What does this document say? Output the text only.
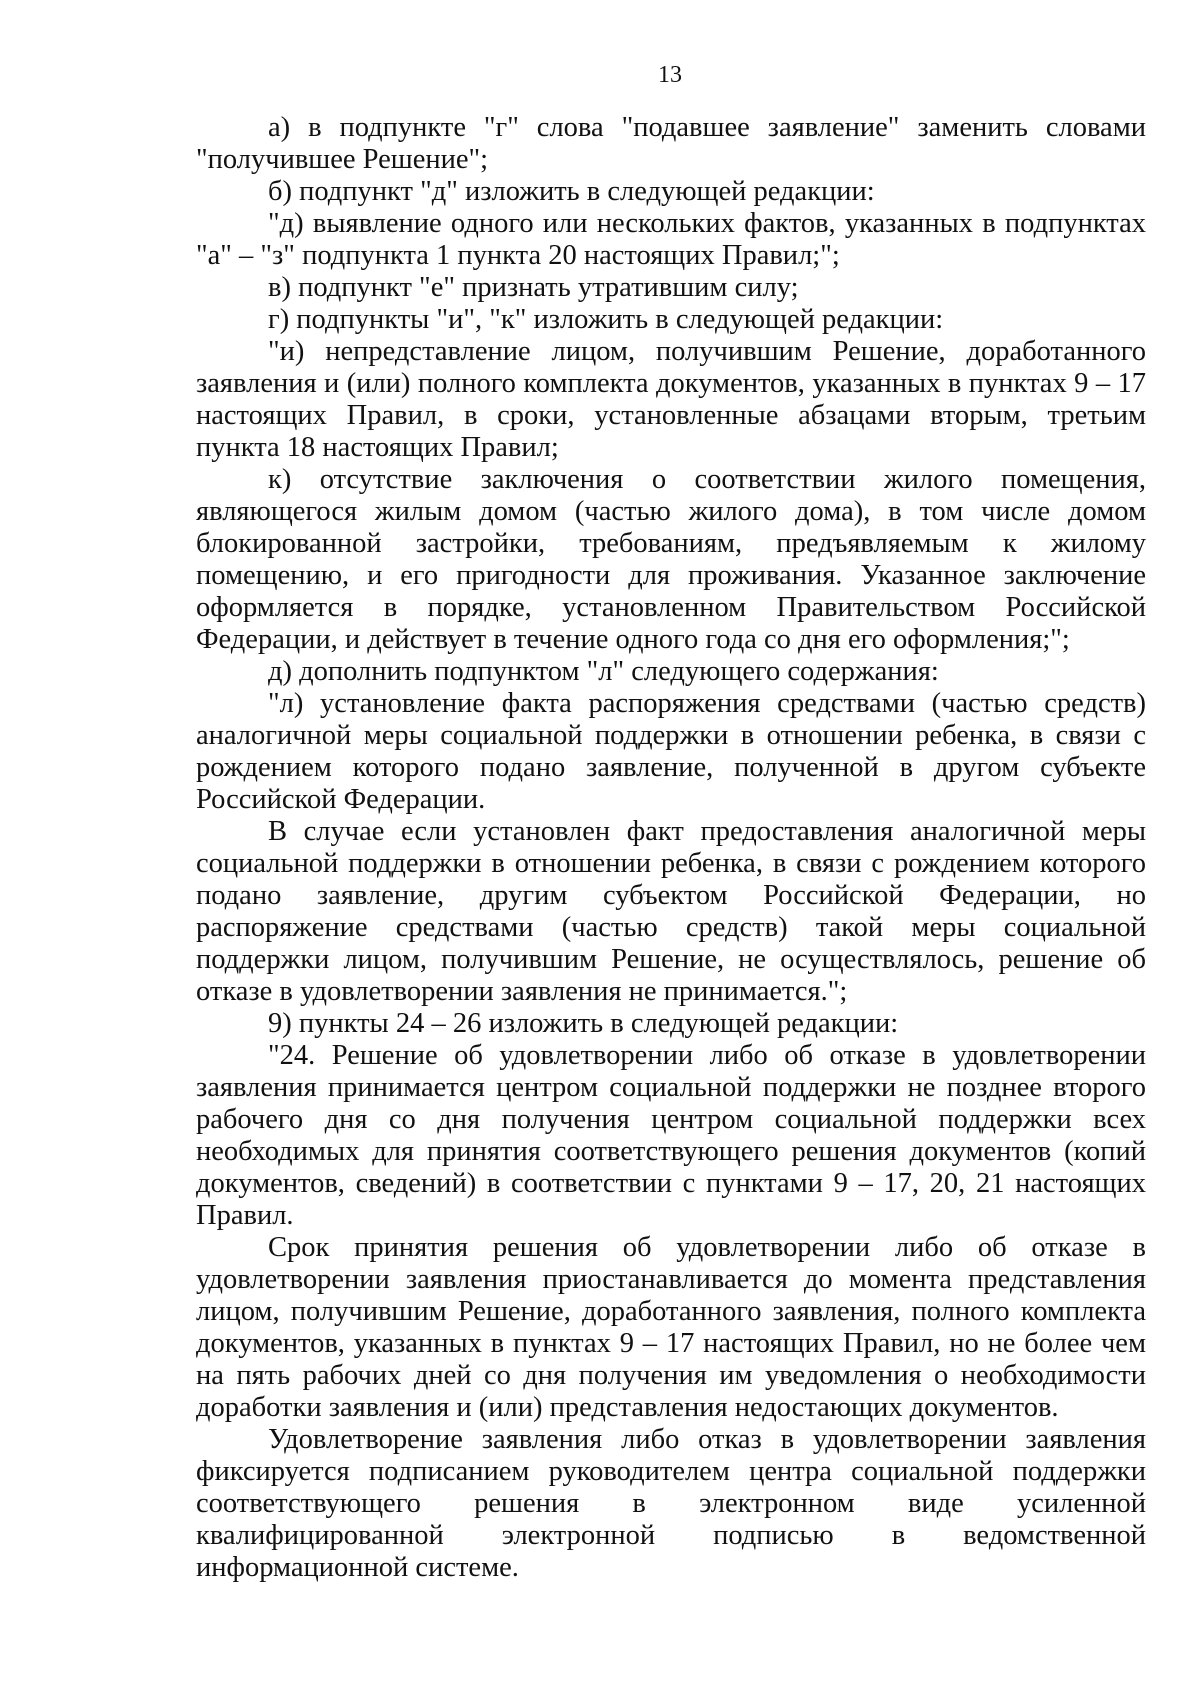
13

а) в подпункте "г" слова "подавшее заявление" заменить словами "получившее Решение";

б) подпункт "д" изложить в следующей редакции:

"д) выявление одного или нескольких фактов, указанных в подпунктах "а" – "з" подпункта 1 пункта 20 настоящих Правил;";

в) подпункт "е" признать утратившим силу;

г) подпункты "и", "к" изложить в следующей редакции:

"и) непредставление лицом, получившим Решение, доработанного заявления и (или) полного комплекта документов, указанных в пунктах 9 – 17 настоящих Правил, в сроки, установленные абзацами вторым, третьим пункта 18 настоящих Правил;

к) отсутствие заключения о соответствии жилого помещения, являющегося жилым домом (частью жилого дома), в том числе домом блокированной застройки, требованиям, предъявляемым к жилому помещению, и его пригодности для проживания. Указанное заключение оформляется в порядке, установленном Правительством Российской Федерации, и действует в течение одного года со дня его оформления;";

д) дополнить подпунктом "л" следующего содержания:

"л) установление факта распоряжения средствами (частью средств) аналогичной меры социальной поддержки в отношении ребенка, в связи с рождением которого подано заявление, полученной в другом субъекте Российской Федерации.

В случае если установлен факт предоставления аналогичной меры социальной поддержки в отношении ребенка, в связи с рождением которого подано заявление, другим субъектом Российской Федерации, но распоряжение средствами (частью средств) такой меры социальной поддержки лицом, получившим Решение, не осуществлялось, решение об отказе в удовлетворении заявления не принимается.";

9) пункты 24 – 26 изложить в следующей редакции:

"24. Решение об удовлетворении либо об отказе в удовлетворении заявления принимается центром социальной поддержки не позднее второго рабочего дня со дня получения центром социальной поддержки всех необходимых для принятия соответствующего решения документов (копий документов, сведений) в соответствии с пунктами 9 – 17, 20, 21 настоящих Правил.

Срок принятия решения об удовлетворении либо об отказе в удовлетворении заявления приостанавливается до момента представления лицом, получившим Решение, доработанного заявления, полного комплекта документов, указанных в пунктах 9 – 17 настоящих Правил, но не более чем на пять рабочих дней со дня получения им уведомления о необходимости доработки заявления и (или) представления недостающих документов.

Удовлетворение заявления либо отказ в удовлетворении заявления фиксируется подписанием руководителем центра социальной поддержки соответствующего решения в электронном виде усиленной квалифицированной электронной подписью в ведомственной информационной системе.
